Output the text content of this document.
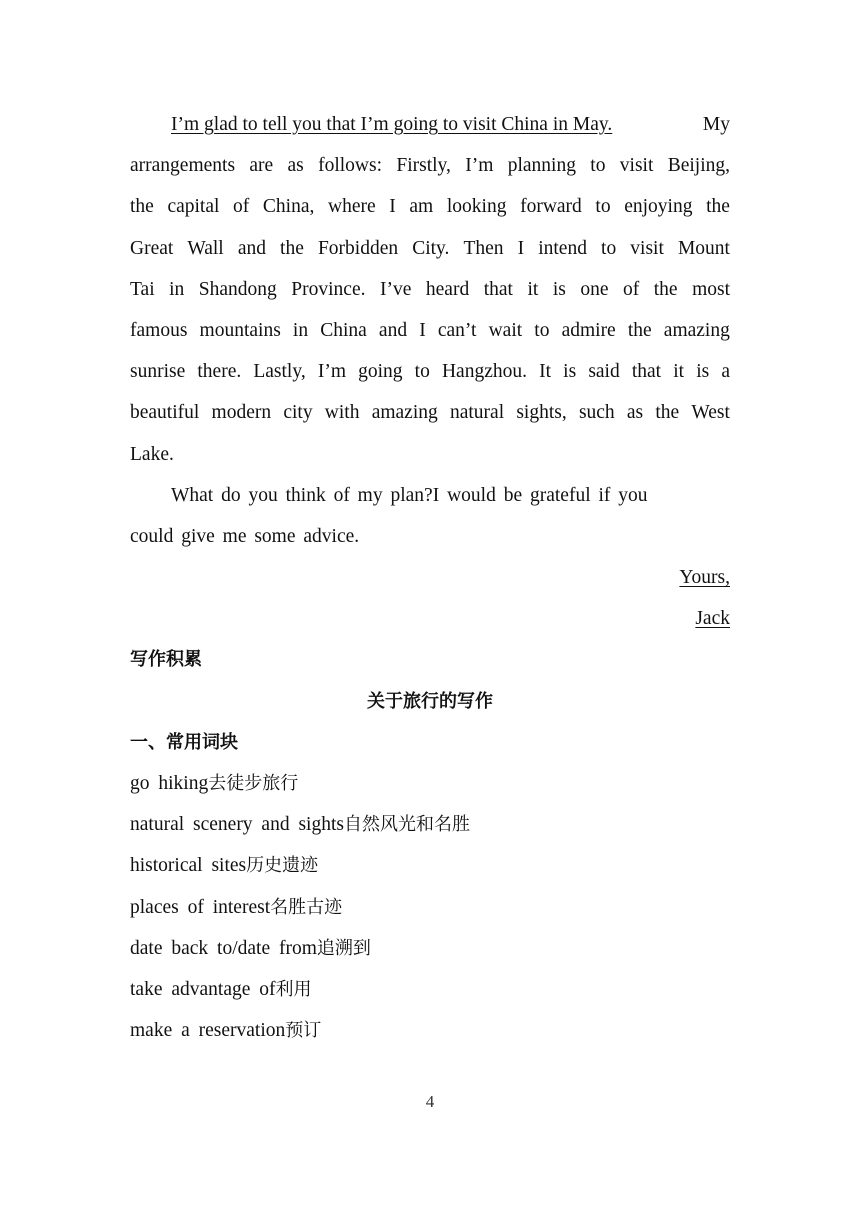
I’m glad to tell you that I’m going to visit China in May.	My
arrangements are as follows: Firstly, I’m planning to visit Beijing,
the capital of China, where I am looking forward to enjoying the
Great Wall and the Forbidden City. Then I intend to visit Mount
Tai in Shandong Province. I’ve heard that it is one of the most
famous mountains in China and I can’t wait to admire the amazing
sunrise there. Lastly, I’m going to Hangzhou. It is said that it is a
beautiful modern city with amazing natural sights, such as the West
Lake.
What do you think of my plan?I would be grateful if you
could give me some advice.
Yours,
Jack
写作积累
关于旅行的写作
一、常用词块
go hiking去徒步旅行
natural scenery and sights自然风光和名胜
historical sites历史遗迹
places of interest名胜古迹
date back to/date from追溯到
take advantage of利用
make a reservation预订
4
